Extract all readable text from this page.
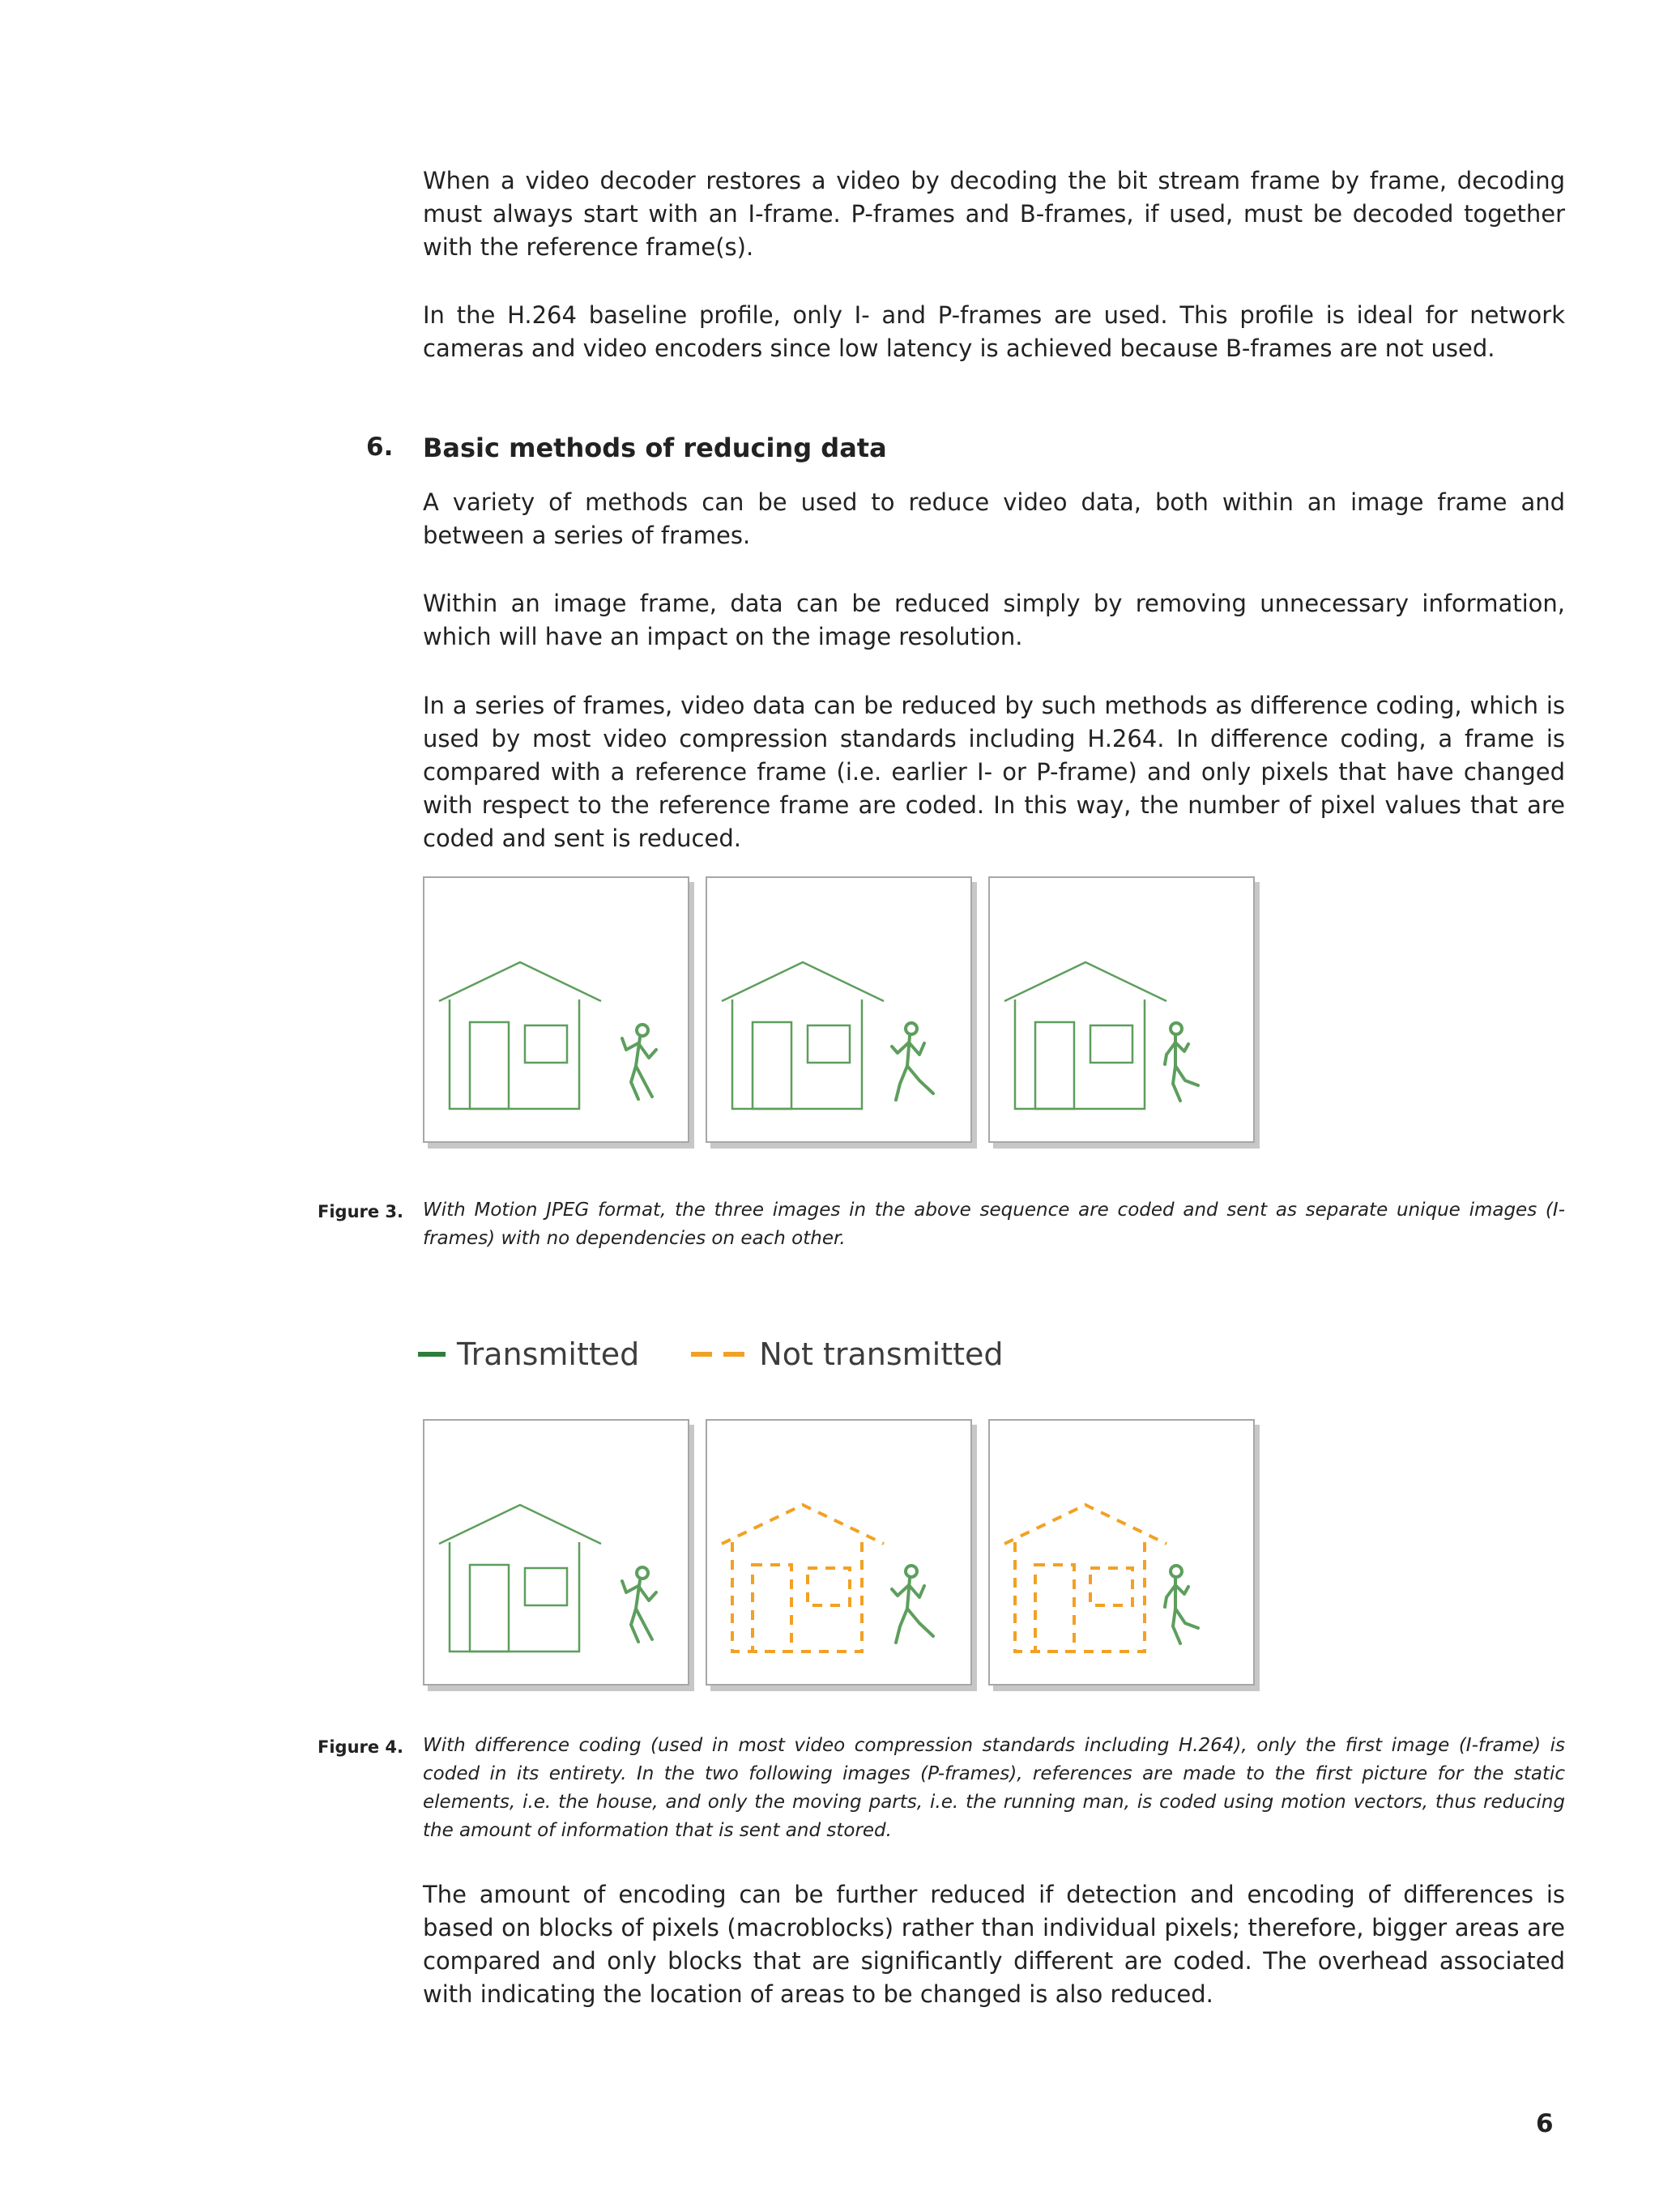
When a video decoder restores a video by decoding the bit stream frame by frame, decoding must always start with an I-frame. P-frames and B-frames, if used, must be decoded together with the reference frame(s).

In the H.264 baseline profile, only I- and P-frames are used. This profile is ideal for network cameras and video encoders since low latency is achieved because B-frames are not used.

6. Basic methods of reducing data

A variety of methods can be used to reduce video data, both within an image frame and between a series of frames.

Within an image frame, data can be reduced simply by removing unnecessary information, which will have an impact on the image resolution.

In a series of frames, video data can be reduced by such methods as difference coding, which is used by most video compression standards including H.264. In difference coding, a frame is compared with a reference frame (i.e. earlier I- or P-frame) and only pixels that have changed with respect to the reference frame are coded. In this way, the number of pixel values that are coded and sent is reduced.

Figure 3. With Motion JPEG format, the three images in the above sequence are coded and sent as separate unique images (I-frames) with no dependencies on each other.

Transmitted	Not transmitted

Figure 4. With difference coding (used in most video compression standards including H.264), only the first image (I-frame) is coded in its entirety. In the two following images (P-frames), references are made to the first picture for the static elements, i.e. the house, and only the moving parts, i.e. the running man, is coded using motion vectors, thus reducing the amount of information that is sent and stored.

The amount of encoding can be further reduced if detection and encoding of differences is based on blocks of pixels (macroblocks) rather than individual pixels; therefore, bigger areas are compared and only blocks that are significantly different are coded. The overhead associated with indicating the location of areas to be changed is also reduced.

6
